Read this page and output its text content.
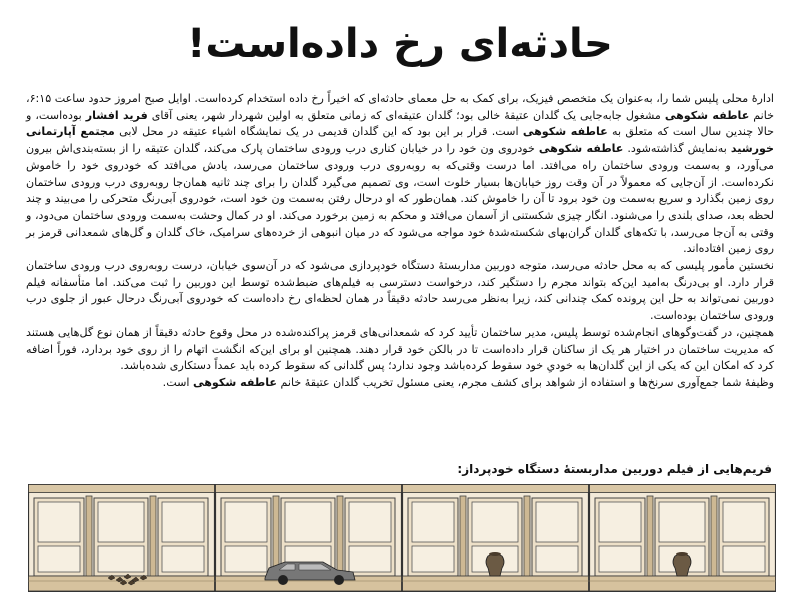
حادثه‌ای رخ داده‌است!

ادارهٔ محلی پلیس شما را، به‌عنوان یک متخصص فیزیک، برای کمک به حل معمای حادثه‌ای که اخیراً رخ داده استخدام کرده‌است. اوایل صبح امروز حدود ساعت ۶:۱۵، خانم عاطفه شکوهی مشغول جابه‌جایی یک گلدان عتیقهٔ خالی بود؛ گلدان عتیقه‌ای که زمانی متعلق به اولین شهردار شهر، یعنی آقای فرید افشار بوده‌است، و حالا چندین سال است که متعلق به عاطفه شکوهی است. قرار بر این بود که این گلدان قدیمی در یک نمایشگاه اشیاء عتیقه در محل لابی مجتمع آپارتمانی خورشید به‌نمایش گذاشته‌شود. عاطفه شکوهی خودروی ون خود را در خیابان کناری درب ورودی ساختمان پارک می‌کند، گلدان عتیقه را از بسته‌بندی‌اش بیرون می‌آورد، و به‌سمت ورودی ساختمان راه می‌افتد. اما درست وقتی‌که به روبه‌روی درب ورودی ساختمان می‌رسد، یادش می‌افتد که خودروی خود را خاموش نکرده‌است. از آن‌جایی که معمولاً در آن وقت روز خیابان‌ها بسیار خلوت است، وی تصمیم می‌گیرد گلدان را برای چند ثانیه همان‌جا روبه‌روی درب ورودی ساختمان روی زمین بگذارد و سریع به‌سمت ون خود برود تا آن را خاموش کند. همان‌طور که او درحال رفتن به‌سمت ون خود است، خودروی آبی‌رنگ متحرکی را می‌بیند و چند لحظه بعد، صدای بلندی را می‌شنود. انگار چیزی شکستنی از آسمان می‌افتد و محکم به زمین برخورد می‌کند. او در کمال وحشت به‌سمت ورودی ساختمان می‌دود، و وقتی به آن‌جا می‌رسد، با تکه‌های گلدان گران‌بهای شکسته‌شدهٔ خود مواجه می‌شود که در میان انبوهی از خرده‌های سرامیک، خاک گلدان و گل‌های شمعدانی قرمز بر روی زمین افتاده‌اند.

نخستین مأمور پلیسی که به محل حادثه می‌رسد، متوجه دوربین مداربستهٔ دستگاه خودپردازی می‌شود که در آن‌سوی خیابان، درست روبه‌روی درب ورودی ساختمان قرار دارد. او بی‌درنگ به‌امید این‌که بتواند مجرم را دستگیر کند، درخواست دسترسی به فیلم‌های ضبط‌شده توسط این دوربین را ثبت می‌کند. اما متأسفانه فیلم دوربین نمی‌تواند به حل این پرونده کمک چندانی کند، زیرا به‌نظر می‌رسد حادثه دقیقاً در همان لحظه‌ای رخ داده‌است که خودروی آبی‌رنگ درحال عبور از جلوی درب ورودی ساختمان بوده‌است.

همچنین، در گفت‌وگوهای انجام‌شده توسط پلیس، مدیر ساختمان تأیید کرد که شمعدانی‌های قرمز پراکنده‌شده در محل وقوع حادثه دقیقاً از همان نوع گل‌هایی هستند که مدیریت ساختمان در اختیار هر یک از ساکنان قرار داده‌است تا در بالکن خود قرار دهند. همچنین او برای این‌که انگشت اتهام را از روی خود بردارد، فوراً اضافه کرد که امکان این که یکی از این گلدان‌ها به خودیِ خود سقوط کرده‌باشد وجود ندارد؛ پس گلدانی که سقوط کرده باید عمداً دستکاری شده‌باشد.

وظیفهٔ شما جمع‌آوری سرنخ‌ها و استفاده از شواهد برای کشف مجرم، یعنی مسئول تخریب گلدان عتیقهٔ خانم عاطفه شکوهی است.

فریم‌هایی از فیلم دوربین مداربستهٔ دستگاه خودپرداز:
